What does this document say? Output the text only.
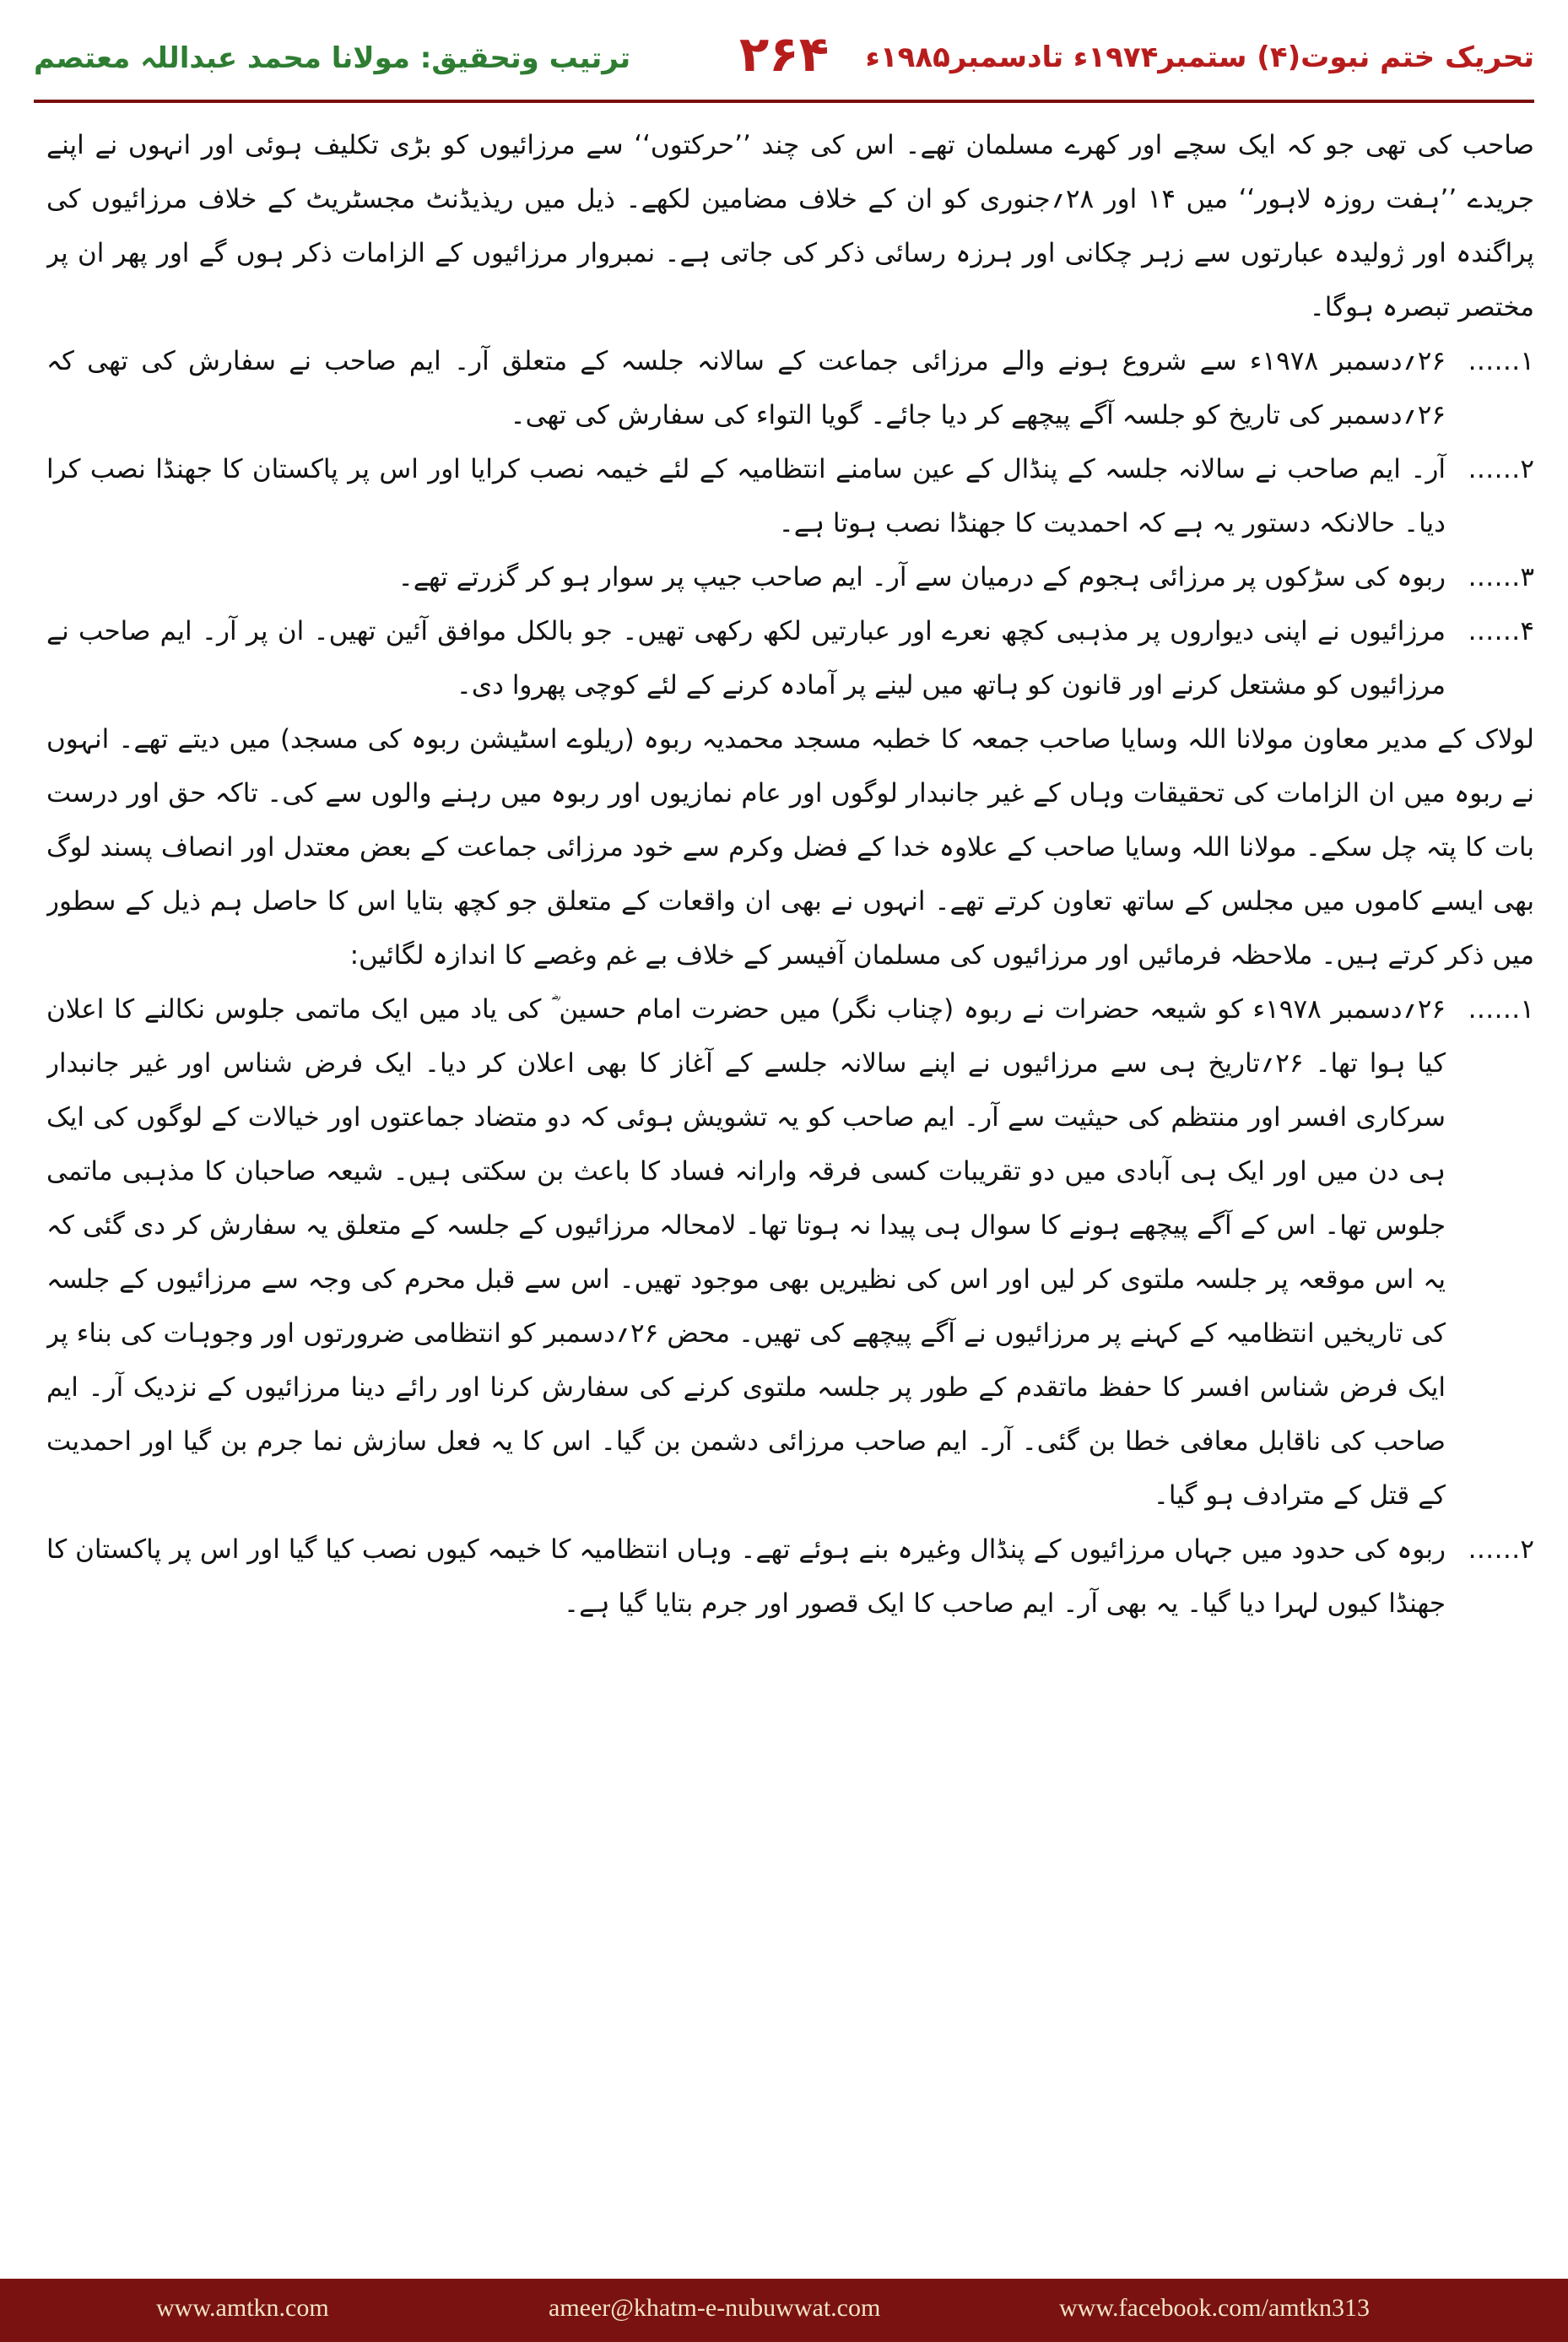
تحریک ختم نبوت(۴) ستمبر۱۹۷۴ء تادسمبر۱۹۸۵ء
۲۶۴
ترتیب وتحقیق: مولانا محمد عبداللہ معتصم

صاحب کی تھی جو کہ ایک سچے اور کھرے مسلمان تھے۔ اس کی چند ’’حرکتوں‘‘ سے مرزائیوں کو بڑی تکلیف ہوئی اور انہوں نے اپنے جریدے ’’ہفت روزہ لاہور‘‘ میں ۱۴ اور ۲۸؍جنوری کو ان کے خلاف مضامین لکھے۔ ذیل میں ریذیڈنٹ مجسٹریٹ کے خلاف مرزائیوں کی پراگندہ اور ژولیدہ عبارتوں سے زہر چکانی اور ہرزہ رسائی ذکر کی جاتی ہے۔ نمبروار مرزائیوں کے الزامات ذکر ہوں گے اور پھر ان پر مختصر تبصرہ ہوگا۔

۱……
۲۶؍دسمبر ۱۹۷۸ء سے شروع ہونے والے مرزائی جماعت کے سالانہ جلسہ کے متعلق آر۔ ایم صاحب نے سفارش کی تھی کہ ۲۶؍دسمبر کی تاریخ کو جلسہ آگے پیچھے کر دیا جائے۔ گویا التواء کی سفارش کی تھی۔
۲……
آر۔ ایم صاحب نے سالانہ جلسہ کے پنڈال کے عین سامنے انتظامیہ کے لئے خیمہ نصب کرایا اور اس پر پاکستان کا جھنڈا نصب کرا دیا۔ حالانکہ دستور یہ ہے کہ احمدیت کا جھنڈا نصب ہوتا ہے۔
۳……
ربوہ کی سڑکوں پر مرزائی ہجوم کے درمیان سے آر۔ ایم صاحب جیپ پر سوار ہو کر گزرتے تھے۔
۴……
مرزائیوں نے اپنی دیواروں پر مذہبی کچھ نعرے اور عبارتیں لکھ رکھی تھیں۔ جو بالکل موافق آئین تھیں۔ ان پر آر۔ ایم صاحب نے مرزائیوں کو مشتعل کرنے اور قانون کو ہاتھ میں لینے پر آمادہ کرنے کے لئے کوچی پھروا دی۔

لولاک کے مدیر معاون مولانا اللہ وسایا صاحب جمعہ کا خطبہ مسجد محمدیہ ربوہ (ریلوے اسٹیشن ربوہ کی مسجد) میں دیتے تھے۔ انہوں نے ربوہ میں ان الزامات کی تحقیقات وہاں کے غیر جانبدار لوگوں اور عام نمازیوں اور ربوہ میں رہنے والوں سے کی۔ تاکہ حق اور درست بات کا پتہ چل سکے۔ مولانا اللہ وسایا صاحب کے علاوہ خدا کے فضل وکرم سے خود مرزائی جماعت کے بعض معتدل اور انصاف پسند لوگ بھی ایسے کاموں میں مجلس کے ساتھ تعاون کرتے تھے۔ انہوں نے بھی ان واقعات کے متعلق جو کچھ بتایا اس کا حاصل ہم ذیل کے سطور میں ذکر کرتے ہیں۔ ملاحظہ فرمائیں اور مرزائیوں کی مسلمان آفیسر کے خلاف بے غم وغصے کا اندازہ لگائیں:

۱……
۲۶؍دسمبر ۱۹۷۸ء کو شیعہ حضرات نے ربوہ (چناب نگر) میں حضرت امام حسین ؓ کی یاد میں ایک ماتمی جلوس نکالنے کا اعلان کیا ہوا تھا۔ ۲۶؍تاریخ ہی سے مرزائیوں نے اپنے سالانہ جلسے کے آغاز کا بھی اعلان کر دیا۔ ایک فرض شناس اور غیر جانبدار سرکاری افسر اور منتظم کی حیثیت سے آر۔ ایم صاحب کو یہ تشویش ہوئی کہ دو متضاد جماعتوں اور خیالات کے لوگوں کی ایک ہی دن میں اور ایک ہی آبادی میں دو تقریبات کسی فرقہ وارانہ فساد کا باعث بن سکتی ہیں۔ شیعہ صاحبان کا مذہبی ماتمی جلوس تھا۔ اس کے آگے پیچھے ہونے کا سوال ہی پیدا نہ ہوتا تھا۔ لامحالہ مرزائیوں کے جلسہ کے متعلق یہ سفارش کر دی گئی کہ یہ اس موقعہ پر جلسہ ملتوی کر لیں اور اس کی نظیریں بھی موجود تھیں۔ اس سے قبل محرم کی وجہ سے مرزائیوں کے جلسہ کی تاریخیں انتظامیہ کے کہنے پر مرزائیوں نے آگے پیچھے کی تھیں۔ محض ۲۶؍دسمبر کو انتظامی ضرورتوں اور وجوہات کی بناء پر ایک فرض شناس افسر کا حفظ ماتقدم کے طور پر جلسہ ملتوی کرنے کی سفارش کرنا اور رائے دینا مرزائیوں کے نزدیک آر۔ ایم صاحب کی ناقابل معافی خطا بن گئی۔ آر۔ ایم صاحب مرزائی دشمن بن گیا۔ اس کا یہ فعل سازش نما جرم بن گیا اور احمدیت کے قتل کے مترادف ہو گیا۔
۲……
ربوہ کی حدود میں جہاں مرزائیوں کے پنڈال وغیرہ بنے ہوئے تھے۔ وہاں انتظامیہ کا خیمہ کیوں نصب کیا گیا اور اس پر پاکستان کا جھنڈا کیوں لہرا دیا گیا۔ یہ بھی آر۔ ایم صاحب کا ایک قصور اور جرم بتایا گیا ہے۔
www.amtkn.com	ameer@khatm-e-nubuwwat.com	www.facebook.com/amtkn313
